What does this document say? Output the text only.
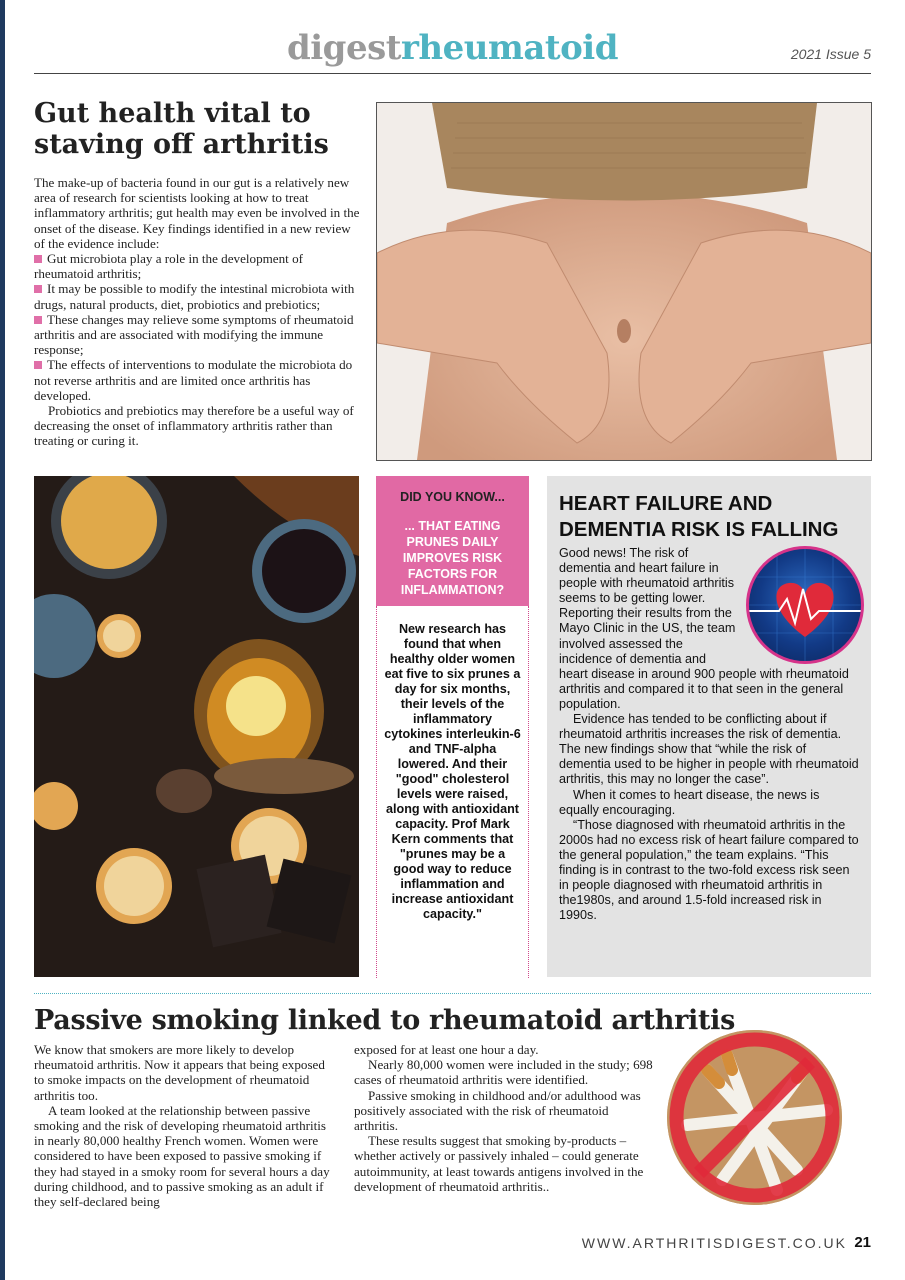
digestrheumatoid	2021 Issue 5
Gut health vital to staving off arthritis

The make-up of bacteria found in our gut is a relatively new area of research for scientists looking at how to treat inflammatory arthritis; gut health may even be involved in the onset of the disease. Key findings identified in a new review of the evidence include:

Gut microbiota play a role in the development of rheumatoid arthritis;

It may be possible to modify the intestinal microbiota with drugs, natural products, diet, probiotics and prebiotics;

These changes may relieve some symptoms of rheumatoid arthritis and are associated with modifying the immune response;

The effects of interventions to modulate the microbiota do not reverse arthritis and are limited once arthritis has developed.

Probiotics and prebiotics may therefore be a useful way of decreasing the onset of inflammatory arthritis rather than treating or curing it.

DID YOU KNOW...
... THAT EATING PRUNES DAILY IMPROVES RISK FACTORS FOR INFLAMMATION?
New research has found that when healthy older women eat five to six prunes a day for six months, their levels of the inflammatory cytokines interleukin-6 and TNF-alpha lowered. And their "good" cholesterol levels were raised, along with antioxidant capacity. Prof Mark Kern comments that "prunes may be a good way to reduce inflammation and increase antioxidant capacity."
HEART FAILURE AND DEMENTIA RISK IS FALLING

Good news! The risk of dementia and heart failure in people with rheumatoid arthritis seems to be getting lower. Reporting their results from the Mayo Clinic in the US, the team involved assessed the incidence of dementia and heart disease in around 900 people with rheumatoid arthritis and compared it to that seen in the general population.

Evidence has tended to be conflicting about if rheumatoid arthritis increases the risk of dementia. The new findings show that “while the risk of dementia used to be higher in people with rheumatoid arthritis, this may no longer the case”.

When it comes to heart disease, the news is equally encouraging.

“Those diagnosed with rheumatoid arthritis in the 2000s had no excess risk of heart failure compared to the general population,” the team explains. “This finding is in contrast to the two-fold excess risk seen in people diagnosed with rheumatoid arthritis in the1980s, and around 1.5-fold increased risk in 1990s.

Passive smoking linked to rheumatoid arthritis

We know that smokers are more likely to develop rheumatoid arthritis. Now it appears that being exposed to smoke impacts on the development of rheumatoid arthritis too.

A team looked at the relationship between passive smoking and the risk of developing rheumatoid arthritis in nearly 80,000 healthy French women. Women were considered to have been exposed to passive smoking if they had stayed in a smoky room for several hours a day during childhood, and to passive smoking as an adult if they self-declared being

exposed for at least one hour a day.

Nearly 80,000 women were included in the study; 698 cases of rheumatoid arthritis were identified.

Passive smoking in childhood and/or adulthood was positively associated with the risk of rheumatoid arthritis.

These results suggest that smoking by-products – whether actively or passively inhaled – could generate autoimmunity, at least towards antigens involved in the development of rheumatoid arthritis..

WWW.ARTHRITISDIGEST.CO.UK 21
